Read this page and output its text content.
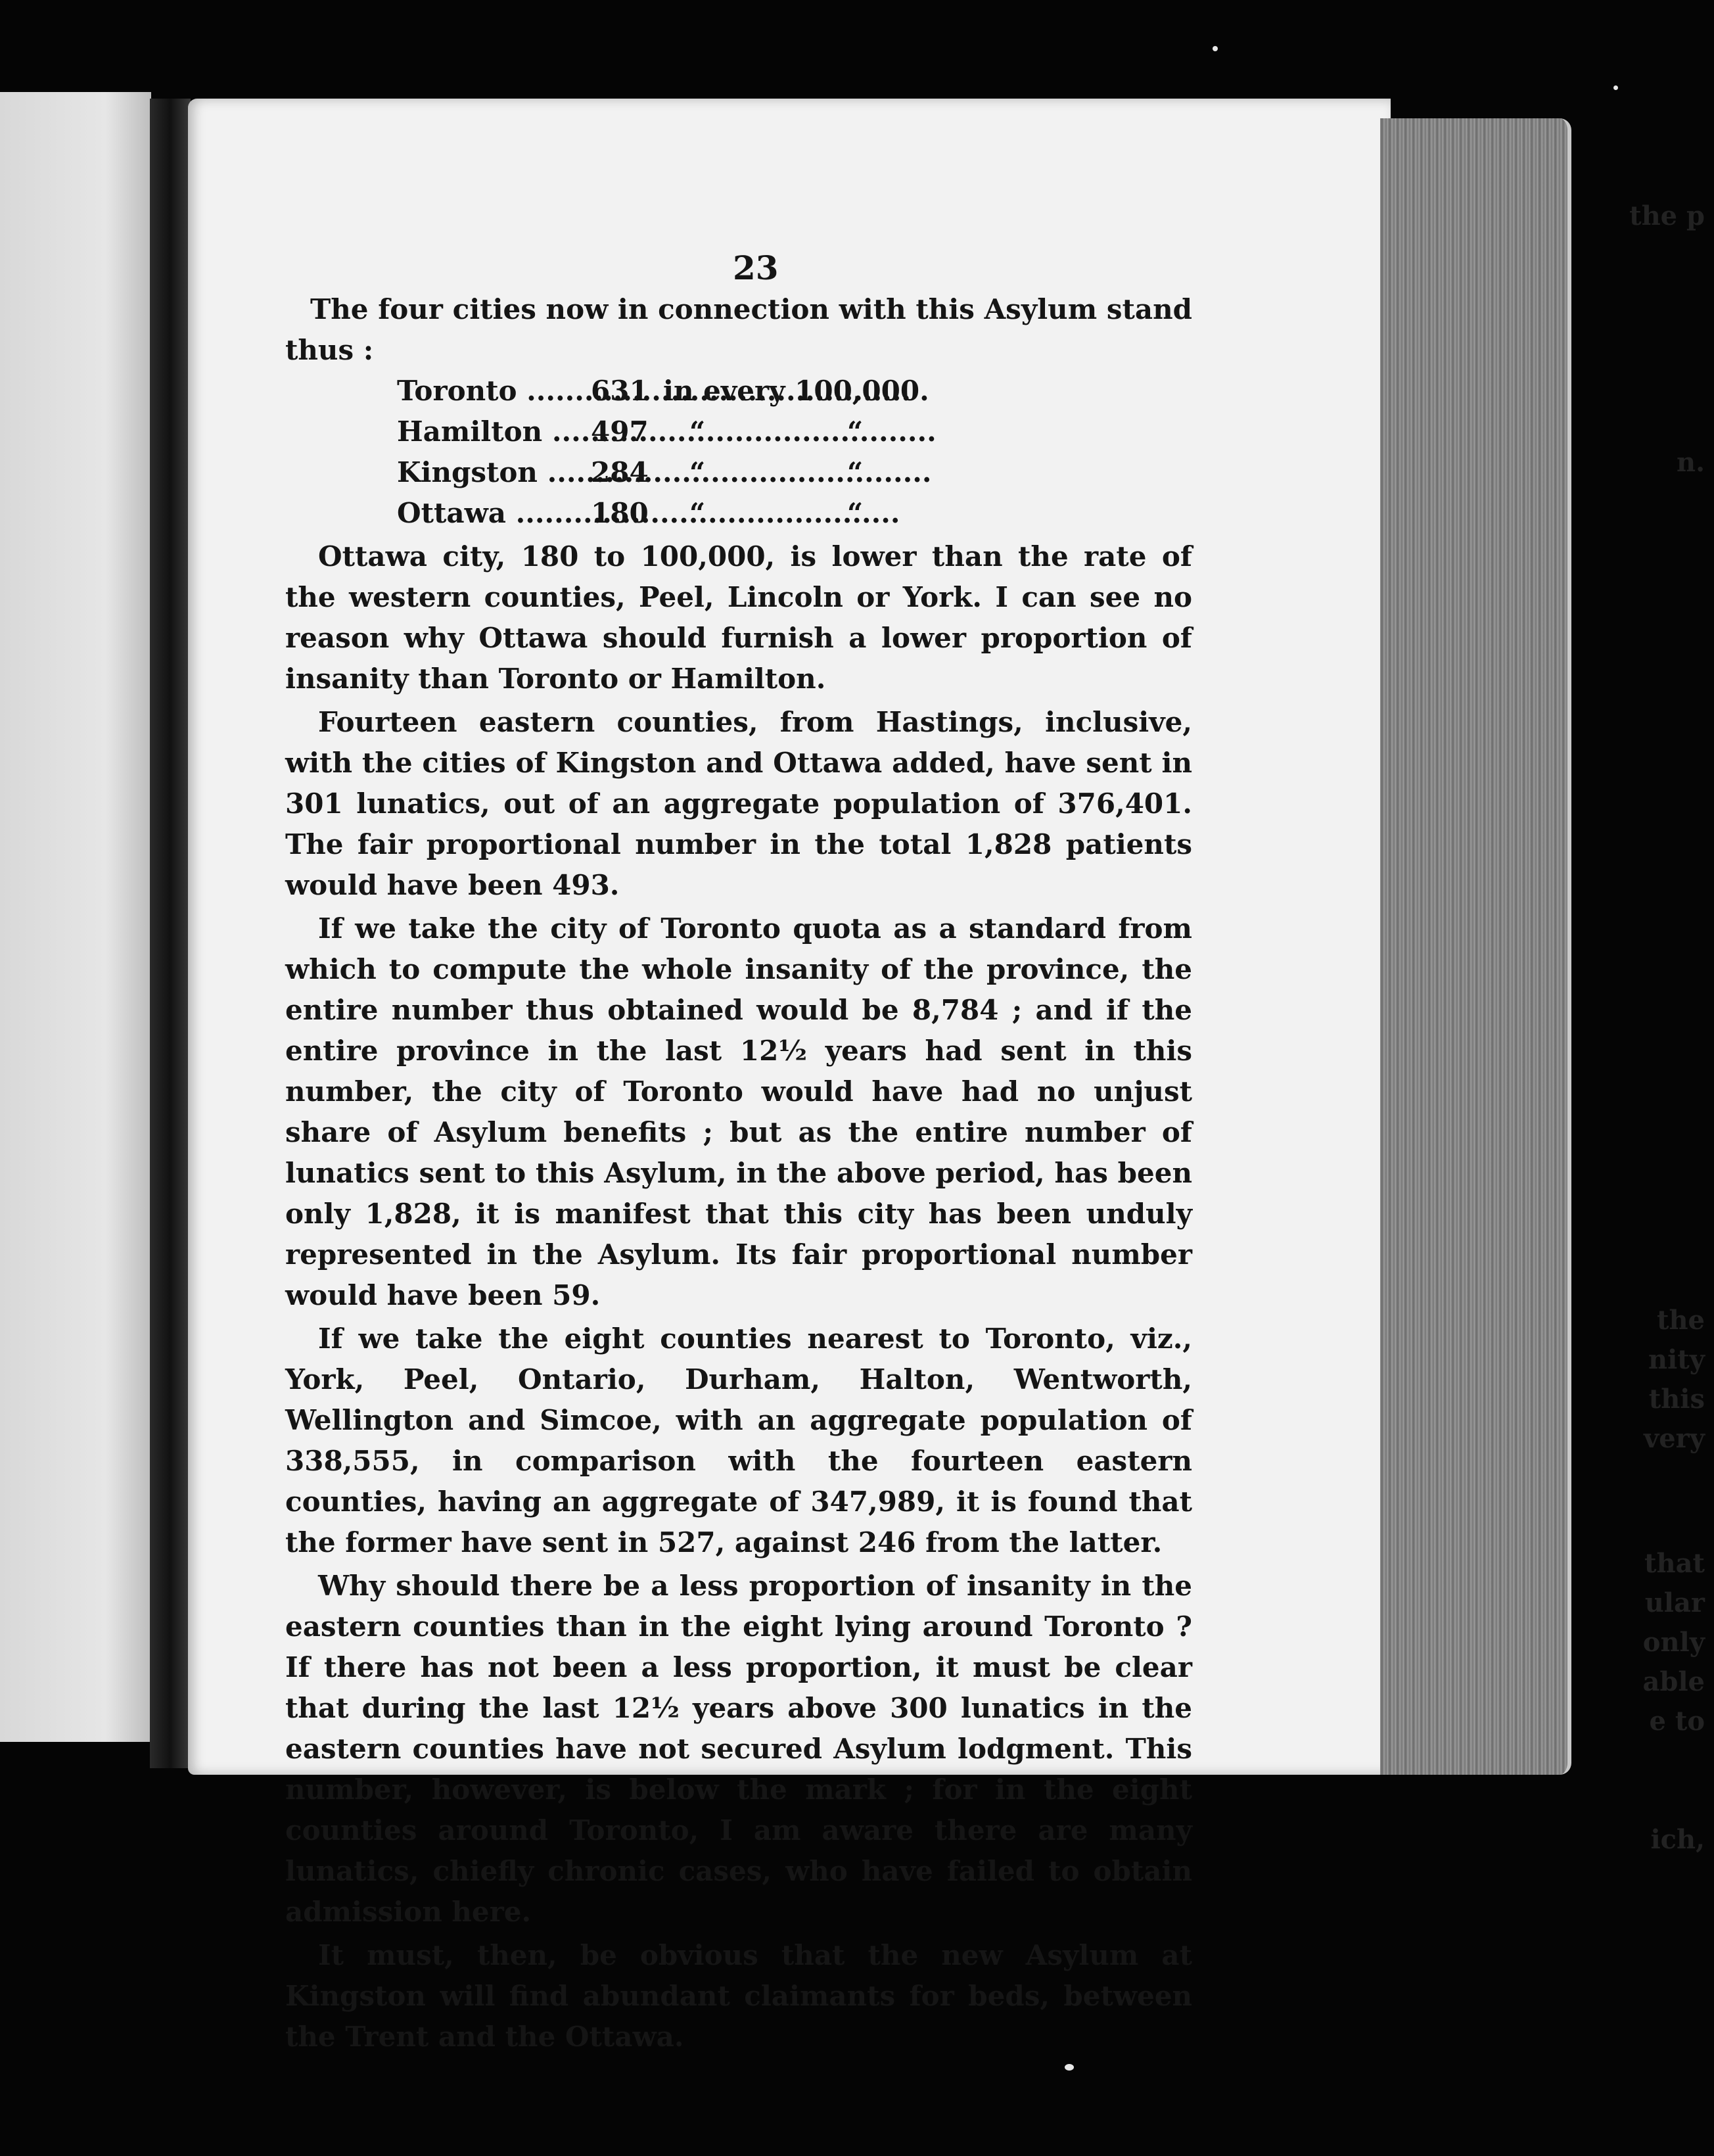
the p
n.
the
nity
this
very
that
ular
only
able
e to
ich,
23

The four cities now in connection with this Asylum stand thus :

Toronto .....	631 in every 100,000.
Hamilton ..... 497	“	“
Kingston ..... 284	“	“
Ottawa .....	180	“	“

Ottawa city, 180 to 100,000, is lower than the rate of the western counties, Peel, Lincoln or York. I can see no reason why Ottawa should furnish a lower proportion of insanity than Toronto or Hamilton.

Fourteen eastern counties, from Hastings, inclusive, with the cities of Kingston and Ottawa added, have sent in 301 lunatics, out of an aggregate population of 376,401. The fair proportional number in the total 1,828 patients would have been 493.

If we take the city of Toronto quota as a standard from which to compute the whole insanity of the province, the entire number thus obtained would be 8,784 ; and if the entire province in the last 12½ years had sent in this number, the city of Toronto would have had no unjust share of Asylum benefits ; but as the entire number of lunatics sent to this Asylum, in the above period, has been only 1,828, it is manifest that this city has been unduly represented in the Asylum. Its fair proportional number would have been 59.

If we take the eight counties nearest to Toronto, viz., York, Peel, Ontario, Durham, Halton, Wentworth, Wellington and Simcoe, with an aggregate population of 338,555, in comparison with the fourteen eastern counties, having an aggregate of 347,989, it is found that the former have sent in 527, against 246 from the latter.

Why should there be a less proportion of insanity in the eastern counties than in the eight lying around Toronto ? If there has not been a less proportion, it must be clear that during the last 12½ years above 300 lunatics in the eastern counties have not secured Asylum lodgment. This number, however, is below the mark ; for in the eight counties around Toronto, I am aware there are many lunatics, chiefly chronic cases, who have failed to obtain admission here.

It must, then, be obvious that the new Asylum at Kingston will find abundant claimants for beds, between the Trent and the Ottawa.
